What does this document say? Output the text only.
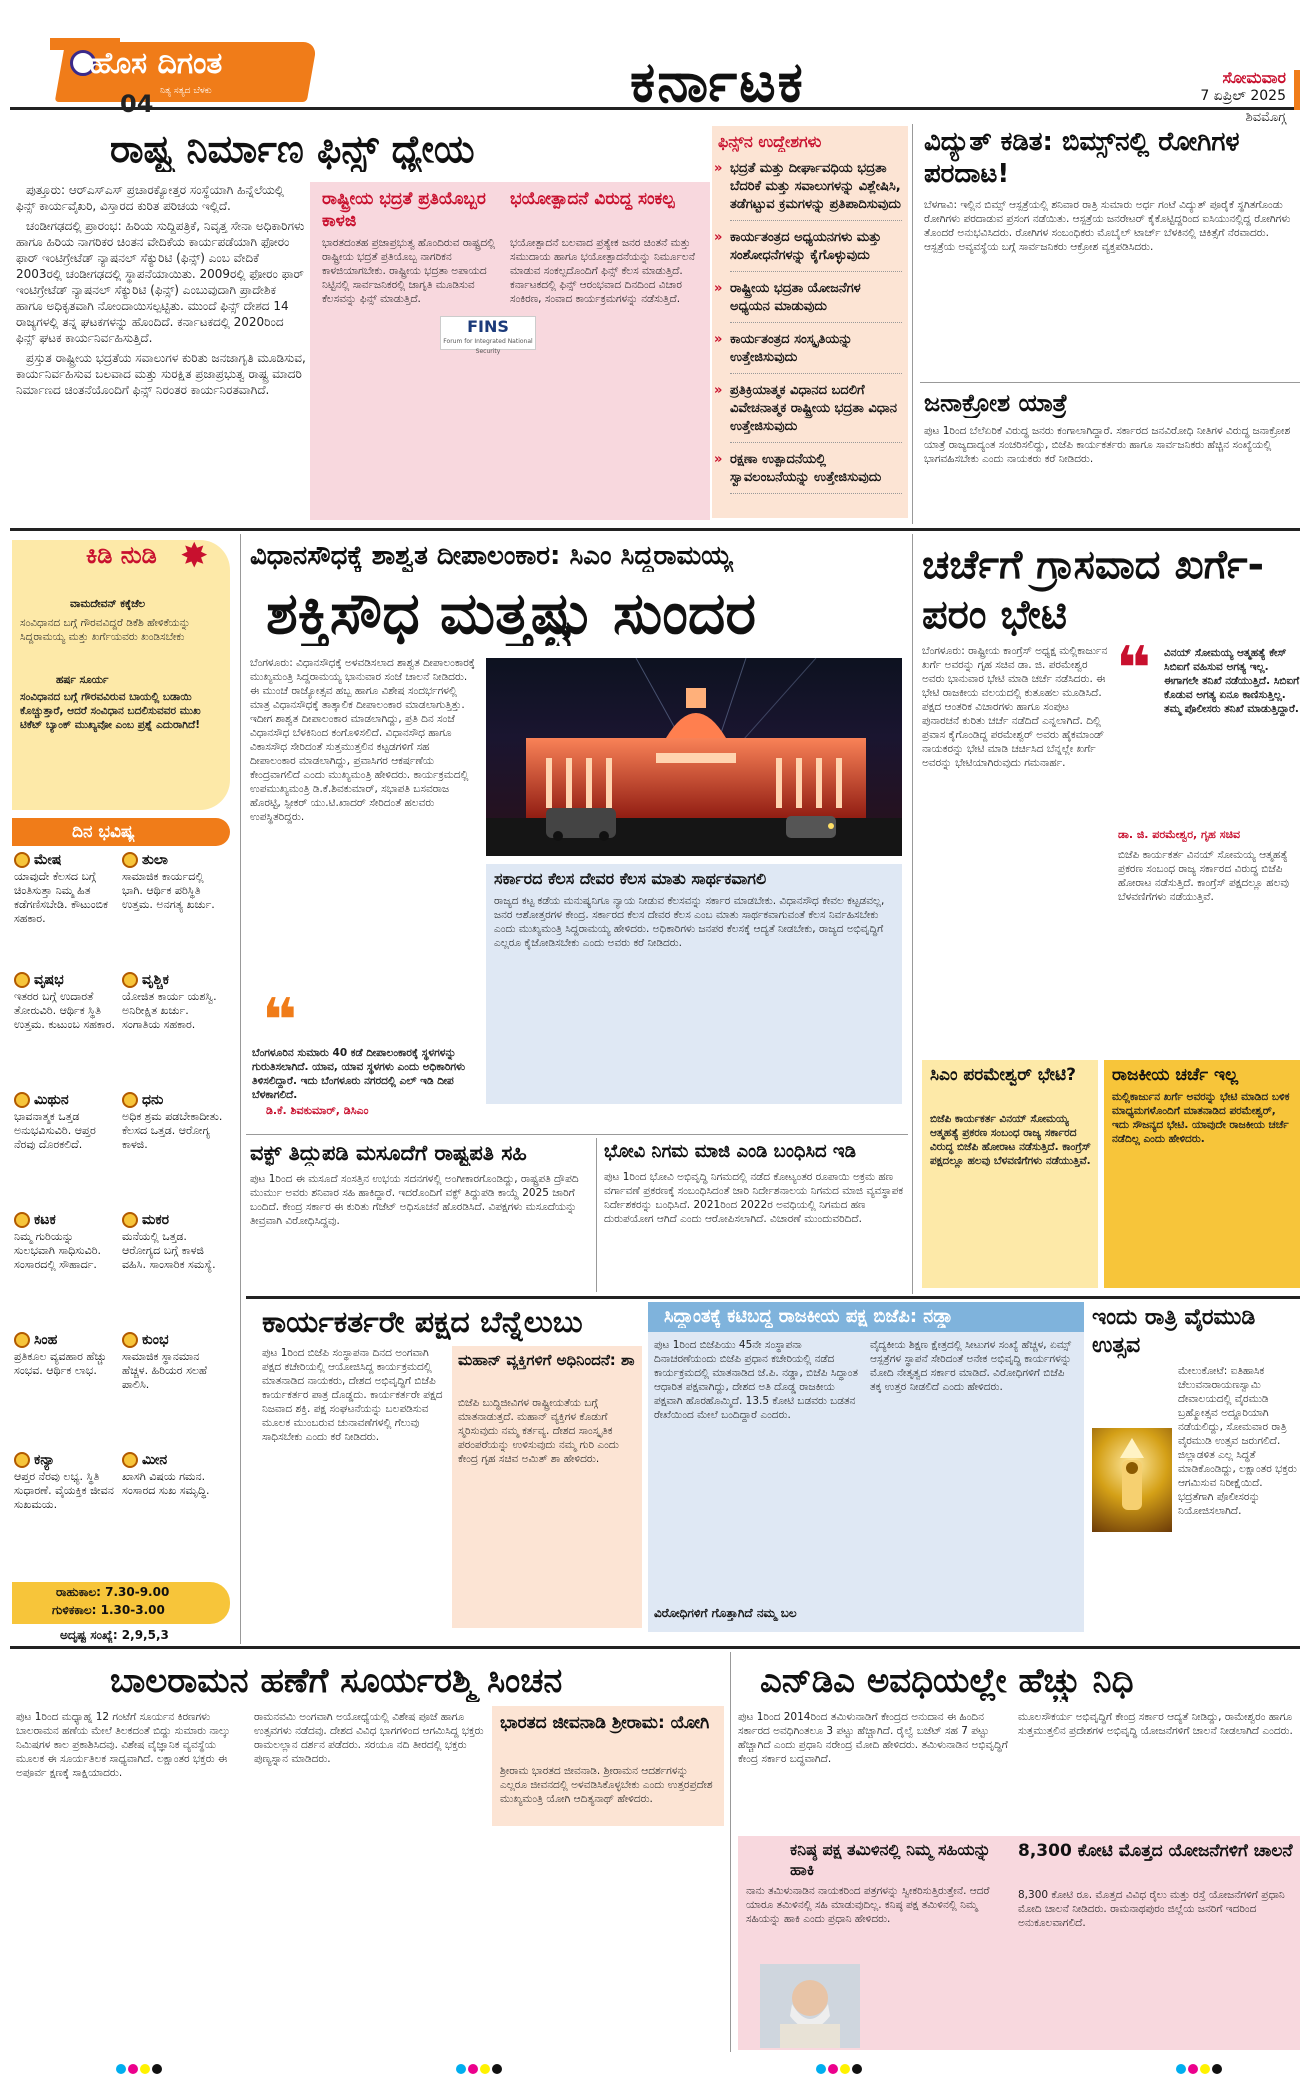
ಹೊಸ ದಿಗಂತ
ನಿತ್ಯ ಸತ್ಯದ ಬೆಳಕು
04	ಕರ್ನಾಟಕ	ಸೋಮವಾರ
7 ಏಪ್ರಿಲ್ 2025
ಶಿವಮೊಗ್ಗ
ರಾಷ್ಟ್ರ ನಿರ್ಮಾಣ ಫಿನ್ಸ್ ಧ್ಯೇಯ

ಪುತ್ತೂರು: ಆರ್‌ಎಸ್‌ಎಸ್ ಪ್ರಚಾರಕ್ಯೋತ್ತರ ಸಂಸ್ಥೆಯಾಗಿ ಹಿನ್ನೆಲೆಯಲ್ಲಿ ಫಿನ್ಸ್ ಕಾರ್ಯವೈಖರಿ, ವಿಸ್ತಾರದ ಕುರಿತ ಪರಿಚಯ ಇಲ್ಲಿದೆ.

ಚಂಡೀಗಢದಲ್ಲಿ ಪ್ರಾರಂಭ: ಹಿರಿಯ ಸುದ್ದಿಪತ್ರಿಕೆ, ನಿವೃತ್ತ ಸೇನಾ ಅಧಿಕಾರಿಗಳು ಹಾಗೂ ಹಿರಿಯ ನಾಗರಿಕರ ಚಿಂತನ ವೇದಿಕೆಯ ಕಾರ್ಯಪಡೆಯಾಗಿ ಫೋರಂ ಫಾರ್ ಇಂಟಿಗ್ರೇಟೆಡ್ ನ್ಯಾಷನಲ್ ಸೆಕ್ಯುರಿಟಿ (ಫಿನ್ಸ್) ಎಂಬ ವೇದಿಕೆ 2003ರಲ್ಲಿ ಚಂಡೀಗಢದಲ್ಲಿ ಸ್ಥಾಪನೆಯಾಯಿತು. 2009ರಲ್ಲಿ ಫೋರಂ ಫಾರ್ ಇಂಟಿಗ್ರೇಟೆಡ್ ನ್ಯಾಷನಲ್ ಸೆಕ್ಯುರಿಟಿ (ಫಿನ್ಸ್) ಎಂಬುವುದಾಗಿ ಪ್ರಾದೇಶಿಕ ಹಾಗೂ ಅಧಿಕೃತವಾಗಿ ನೋಂದಾಯಿಸಲ್ಪಟ್ಟಿತು. ಮುಂದೆ ಫಿನ್ಸ್ ದೇಶದ 14 ರಾಜ್ಯಗಳಲ್ಲಿ ತನ್ನ ಘಟಕಗಳನ್ನು ಹೊಂದಿದೆ. ಕರ್ನಾಟಕದಲ್ಲಿ 2020ರಿಂದ ಫಿನ್ಸ್ ಘಟಕ ಕಾರ್ಯನಿರ್ವಹಿಸುತ್ತಿದೆ.

ಪ್ರಸ್ತುತ ರಾಷ್ಟ್ರೀಯ ಭದ್ರತೆಯ ಸವಾಲುಗಳ ಕುರಿತು ಜನಜಾಗೃತಿ ಮೂಡಿಸುವ, ಕಾರ್ಯನಿರ್ವಹಿಸುವ ಬಲವಾದ ಮತ್ತು ಸುರಕ್ಷಿತ ಪ್ರಜಾಪ್ರಭುತ್ವ ರಾಷ್ಟ್ರ ಮಾದರಿ ನಿರ್ಮಾಣದ ಚಿಂತನೆಯೊಂದಿಗೆ ಫಿನ್ಸ್ ನಿರಂತರ ಕಾರ್ಯನಿರತವಾಗಿದೆ.

ರಾಷ್ಟ್ರೀಯ ಭದ್ರತೆ ಪ್ರತಿಯೊಬ್ಬರ ಕಾಳಜಿ
ಭಾರತದಂತಹ ಪ್ರಜಾಪ್ರಭುತ್ವ ಹೊಂದಿರುವ ರಾಷ್ಟ್ರದಲ್ಲಿ ರಾಷ್ಟ್ರೀಯ ಭದ್ರತೆ ಪ್ರತಿಯೊಬ್ಬ ನಾಗರಿಕನ ಕಾಳಜಿಯಾಗಬೇಕು. ರಾಷ್ಟ್ರೀಯ ಭದ್ರತಾ ಅಪಾಯದ ನಿಟ್ಟಿನಲ್ಲಿ ಸಾರ್ವಜನಿಕರಲ್ಲಿ ಜಾಗೃತಿ ಮೂಡಿಸುವ ಕೆಲಸವನ್ನು ಫಿನ್ಸ್ ಮಾಡುತ್ತಿದೆ.
ಭಯೋತ್ಪಾದನೆ ವಿರುದ್ಧ ಸಂಕಲ್ಪ
ಭಯೋತ್ಪಾದನೆ ಬಲವಾದ ಪ್ರತ್ಯೇಕ ಜನರ ಚಿಂತನೆ ಮತ್ತು ಸಮುದಾಯ ಹಾಗೂ ಭಯೋತ್ಪಾದನೆಯನ್ನು ನಿರ್ಮೂಲನೆ ಮಾಡುವ ಸಂಕಲ್ಪದೊಂದಿಗೆ ಫಿನ್ಸ್ ಕೆಲಸ ಮಾಡುತ್ತಿದೆ. ಕರ್ನಾಟಕದಲ್ಲಿ ಫಿನ್ಸ್ ಆರಂಭವಾದ ದಿನದಿಂದ ವಿಚಾರ ಸಂಕಿರಣ, ಸಂವಾದ ಕಾರ್ಯಕ್ರಮಗಳನ್ನು ನಡೆಸುತ್ತಿದೆ.
FINS
Forum for Integrated National Security
ಫಿನ್ಸ್‌ನ ಉದ್ದೇಶಗಳು
» ಭದ್ರತೆ ಮತ್ತು ದೀರ್ಘಾವಧಿಯ ಭದ್ರತಾ ಬೆದರಿಕೆ ಮತ್ತು ಸವಾಲುಗಳನ್ನು ವಿಶ್ಲೇಷಿಸಿ, ತಡೆಗಟ್ಟುವ ಕ್ರಮಗಳನ್ನು ಪ್ರತಿಪಾದಿಸುವುದು
» ಕಾರ್ಯತಂತ್ರದ ಅಧ್ಯಯನಗಳು ಮತ್ತು ಸಂಶೋಧನೆಗಳನ್ನು ಕೈಗೊಳ್ಳುವುದು
» ರಾಷ್ಟ್ರೀಯ ಭದ್ರತಾ ಯೋಜನೆಗಳ ಅಧ್ಯಯನ ಮಾಡುವುದು
» ಕಾರ್ಯತಂತ್ರದ ಸಂಸ್ಕೃತಿಯನ್ನು ಉತ್ತೇಜಿಸುವುದು
» ಪ್ರತಿಕ್ರಿಯಾತ್ಮಕ ವಿಧಾನದ ಬದಲಿಗೆ ವಿವೇಚನಾತ್ಮಕ ರಾಷ್ಟ್ರೀಯ ಭದ್ರತಾ ವಿಧಾನ ಉತ್ತೇಜಿಸುವುದು
» ರಕ್ಷಣಾ ಉತ್ಪಾದನೆಯಲ್ಲಿ ಸ್ವಾವಲಂಬನೆಯನ್ನು ಉತ್ತೇಜಿಸುವುದು
ವಿದ್ಯುತ್ ಕಡಿತ: ಬಿಮ್ಸ್‌ನಲ್ಲಿ ರೋಗಿಗಳ ಪರದಾಟ!
ಬೆಳಗಾವಿ: ಇಲ್ಲಿನ ಬಿಮ್ಸ್ ಆಸ್ಪತ್ರೆಯಲ್ಲಿ ಶನಿವಾರ ರಾತ್ರಿ ಸುಮಾರು ಅರ್ಧ ಗಂಟೆ ವಿದ್ಯುತ್ ಪೂರೈಕೆ ಸ್ಥಗಿತಗೊಂಡು ರೋಗಿಗಳು ಪರದಾಡುವ ಪ್ರಸಂಗ ನಡೆಯಿತು. ಆಸ್ಪತ್ರೆಯ ಜನರೇಟರ್ ಕೈಕೊಟ್ಟಿದ್ದರಿಂದ ಐಸಿಯುನಲ್ಲಿದ್ದ ರೋಗಿಗಳು ತೊಂದರೆ ಅನುಭವಿಸಿದರು. ರೋಗಿಗಳ ಸಂಬಂಧಿಕರು ಮೊಬೈಲ್ ಟಾರ್ಚ್ ಬೆಳಕಿನಲ್ಲಿ ಚಿಕಿತ್ಸೆಗೆ ನೆರವಾದರು. ಆಸ್ಪತ್ರೆಯ ಅವ್ಯವಸ್ಥೆಯ ಬಗ್ಗೆ ಸಾರ್ವಜನಿಕರು ಆಕ್ರೋಶ ವ್ಯಕ್ತಪಡಿಸಿದರು.
ಜನಾಕ್ರೋಶ ಯಾತ್ರೆ
ಪುಟ 1ರಿಂದ ಬೆಲೆಏರಿಕೆ ವಿರುದ್ಧ ಜನರು ಕಂಗಾಲಾಗಿದ್ದಾರೆ. ಸರ್ಕಾರದ ಜನವಿರೋಧಿ ನೀತಿಗಳ ವಿರುದ್ಧ ಜನಾಕ್ರೋಶ ಯಾತ್ರೆ ರಾಜ್ಯದಾದ್ಯಂತ ಸಂಚರಿಸಲಿದ್ದು, ಬಿಜೆಪಿ ಕಾರ್ಯಕರ್ತರು ಹಾಗೂ ಸಾರ್ವಜನಿಕರು ಹೆಚ್ಚಿನ ಸಂಖ್ಯೆಯಲ್ಲಿ ಭಾಗವಹಿಸಬೇಕು ಎಂದು ನಾಯಕರು ಕರೆ ನೀಡಿದರು.
ಕಿಡಿ ನುಡಿ ✸
ವಾಮದೇವನ್ ಕಕ್ಕೆಜೆಲ
ಸಂವಿಧಾನದ ಬಗ್ಗೆ ಗೌರವವಿದ್ದರೆ ಡಿಕೆಶಿ ಹೇಳಿಕೆಯನ್ನು ಸಿದ್ದರಾಮಯ್ಯ ಮತ್ತು ಖರ್ಗೆಯವರು ಖಂಡಿಸಬೇಕು
ಹರ್ಷ ಸೂರ್ಯ
ಸಂವಿಧಾನದ ಬಗ್ಗೆ ಗೌರವವಿರುವ ಬಾಯಲ್ಲಿ ಬಡಾಯಿ ಕೊಚ್ಚುತ್ತಾರೆ, ಆದರೆ ಸಂವಿಧಾನ ಬದಲಿಸುವವರ ಮುಖ ಟಿಕೆಟ್ ಬ್ಯಾಂಕ್ ಮುಖ್ಯವೋ ಎಂಬ ಪ್ರಶ್ನೆ ಎದುರಾಗಿದೆ!
ದಿನ ಭವಿಷ್ಯ
ಮೇಷ
ಯಾವುದೇ ಕೆಲಸದ ಬಗ್ಗೆ ಚಿಂತಿಸುತ್ತಾ ನಿಮ್ಮ ಹಿತ ಕಡೆಗಣಿಸಬೇಡಿ. ಕೌಟುಂಬಿಕ ಸಹಕಾರ.
ತುಲಾ
ಸಾಮಾಜಿಕ ಕಾರ್ಯದಲ್ಲಿ ಭಾಗಿ. ಆರ್ಥಿಕ ಪರಿಸ್ಥಿತಿ ಉತ್ತಮ. ಅನಗತ್ಯ ಖರ್ಚು.
ವೃಷಭ
ಇತರರ ಬಗ್ಗೆ ಉದಾರತೆ ತೋರುವಿರಿ. ಆರ್ಥಿಕ ಸ್ಥಿತಿ ಉತ್ತಮ. ಕುಟುಂಬ ಸಹಕಾರ.
ವೃಶ್ಚಿಕ
ಯೋಜಿತ ಕಾರ್ಯ ಯಶಸ್ವಿ. ಅನಿರೀಕ್ಷಿತ ಖರ್ಚು. ಸಂಗಾತಿಯ ಸಹಕಾರ.
ಮಿಥುನ
ಭಾವನಾತ್ಮಕ ಒತ್ತಡ ಅನುಭವಿಸುವಿರಿ. ಆಪ್ತರ ನೆರವು ದೊರಕಲಿದೆ.
ಧನು
ಅಧಿಕ ಶ್ರಮ ಪಡಬೇಕಾದೀತು. ಕೆಲಸದ ಒತ್ತಡ. ಆರೋಗ್ಯ ಕಾಳಜಿ.
ಕಟಕ
ನಿಮ್ಮ ಗುರಿಯನ್ನು ಸುಲಭವಾಗಿ ಸಾಧಿಸುವಿರಿ. ಸಂಸಾರದಲ್ಲಿ ಸೌಹಾರ್ದ.
ಮಕರ
ಮನೆಯಲ್ಲಿ ಒತ್ತಡ. ಆರೋಗ್ಯದ ಬಗ್ಗೆ ಕಾಳಜಿ ವಹಿಸಿ. ಸಾಂಸಾರಿಕ ಸಮಸ್ಯೆ.
ಸಿಂಹ
ಪ್ರತಿಕೂಲ ವ್ಯವಹಾರ ಹೆಚ್ಚು ಸಂಭವ. ಆರ್ಥಿಕ ಲಾಭ.
ಕುಂಭ
ಸಾಮಾಜಿಕ ಸ್ಥಾನಮಾನ ಹೆಚ್ಚಳ. ಹಿರಿಯರ ಸಲಹೆ ಪಾಲಿಸಿ.
ಕನ್ಯಾ
ಆಪ್ತರ ನೆರವು ಲಭ್ಯ. ಸ್ಥಿತಿ ಸುಧಾರಣೆ. ವೈಯಕ್ತಿಕ ಜೀವನ ಸುಖಮಯ.
ಮೀನ
ಖಾಸಗಿ ವಿಷಯ ಗಮನ. ಸಂಸಾರದ ಸುಖ ಸಮೃದ್ಧಿ.
ರಾಹುಕಾಲ: 7.30-9.00
ಗುಳಿಕಕಾಲ: 1.30-3.00
ಅದೃಷ್ಟ ಸಂಖ್ಯೆ: 2,9,5,3
ವಿಧಾನಸೌಧಕ್ಕೆ ಶಾಶ್ವತ ದೀಪಾಲಂಕಾರ: ಸಿಎಂ ಸಿದ್ದರಾಮಯ್ಯ
ಶಕ್ತಿಸೌಧ ಮತ್ತಷ್ಟು ಸುಂದರ
ಬೆಂಗಳೂರು: ವಿಧಾನಸೌಧಕ್ಕೆ ಅಳವಡಿಸಲಾದ ಶಾಶ್ವತ ದೀಪಾಲಂಕಾರಕ್ಕೆ ಮುಖ್ಯಮಂತ್ರಿ ಸಿದ್ದರಾಮಯ್ಯ ಭಾನುವಾರ ಸಂಜೆ ಚಾಲನೆ ನೀಡಿದರು. ಈ ಮುಂಚೆ ರಾಜ್ಯೋತ್ಸವ ಹಬ್ಬ ಹಾಗೂ ವಿಶೇಷ ಸಂದರ್ಭಗಳಲ್ಲಿ ಮಾತ್ರ ವಿಧಾನಸೌಧಕ್ಕೆ ತಾತ್ಕಾಲಿಕ ದೀಪಾಲಂಕಾರ ಮಾಡಲಾಗುತ್ತಿತ್ತು. ಇದೀಗ ಶಾಶ್ವತ ದೀಪಾಲಂಕಾರ ಮಾಡಲಾಗಿದ್ದು, ಪ್ರತಿ ದಿನ ಸಂಜೆ ವಿಧಾನಸೌಧ ಬೆಳಕಿನಿಂದ ಕಂಗೊಳಿಸಲಿದೆ. ವಿಧಾನಸೌಧ ಹಾಗೂ ವಿಕಾಸಸೌಧ ಸೇರಿದಂತೆ ಸುತ್ತಮುತ್ತಲಿನ ಕಟ್ಟಡಗಳಿಗೆ ಸಹ ದೀಪಾಲಂಕಾರ ಮಾಡಲಾಗಿದ್ದು, ಪ್ರವಾಸಿಗರ ಆಕರ್ಷಣೆಯ ಕೇಂದ್ರವಾಗಲಿದೆ ಎಂದು ಮುಖ್ಯಮಂತ್ರಿ ಹೇಳಿದರು. ಕಾರ್ಯಕ್ರಮದಲ್ಲಿ ಉಪಮುಖ್ಯಮಂತ್ರಿ ಡಿ.ಕೆ.ಶಿವಕುಮಾರ್, ಸಭಾಪತಿ ಬಸವರಾಜ ಹೊರಟ್ಟಿ, ಸ್ಪೀಕರ್ ಯು.ಟಿ.ಖಾದರ್ ಸೇರಿದಂತೆ ಹಲವರು ಉಪಸ್ಥಿತರಿದ್ದರು.
ಸರ್ಕಾರದ ಕೆಲಸ ದೇವರ ಕೆಲಸ ಮಾತು ಸಾರ್ಥಕವಾಗಲಿ
ರಾಜ್ಯದ ಕಟ್ಟ ಕಡೆಯ ಮನುಷ್ಯನಿಗೂ ನ್ಯಾಯ ನೀಡುವ ಕೆಲಸವನ್ನು ಸರ್ಕಾರ ಮಾಡಬೇಕು. ವಿಧಾನಸೌಧ ಕೇವಲ ಕಟ್ಟಡವಲ್ಲ, ಜನರ ಆಶೋತ್ತರಗಳ ಕೇಂದ್ರ. ಸರ್ಕಾರದ ಕೆಲಸ ದೇವರ ಕೆಲಸ ಎಂಬ ಮಾತು ಸಾರ್ಥಕವಾಗುವಂತೆ ಕೆಲಸ ನಿರ್ವಹಿಸಬೇಕು ಎಂದು ಮುಖ್ಯಮಂತ್ರಿ ಸಿದ್ದರಾಮಯ್ಯ ಹೇಳಿದರು. ಅಧಿಕಾರಿಗಳು ಜನಪರ ಕೆಲಸಕ್ಕೆ ಆದ್ಯತೆ ನೀಡಬೇಕು, ರಾಜ್ಯದ ಅಭಿವೃದ್ಧಿಗೆ ಎಲ್ಲರೂ ಕೈಜೋಡಿಸಬೇಕು ಎಂದು ಅವರು ಕರೆ ನೀಡಿದರು.
❝
ಬೆಂಗಳೂರಿನ ಸುಮಾರು 40 ಕಡೆ ದೀಪಾಲಂಕಾರಕ್ಕೆ ಸ್ಥಳಗಳನ್ನು ಗುರುತಿಸಲಾಗಿದೆ. ಯಾವ, ಯಾವ ಸ್ಥಳಗಳು ಎಂದು ಅಧಿಕಾರಿಗಳು ತಿಳಿಸಲಿದ್ದಾರೆ. ಇದು ಬೆಂಗಳೂರು ನಗರದಲ್ಲಿ ಎಲ್ ಇಡಿ ದೀಪ ಬೆಳಕಾಗಲಿದೆ.
ಡಿ.ಕೆ. ಶಿವಕುಮಾರ್, ಡಿಸಿಎಂ
ಚರ್ಚೆಗೆ ಗ್ರಾಸವಾದ ಖರ್ಗೆ-ಪರಂ ಭೇಟಿ
ಬೆಂಗಳೂರು: ರಾಷ್ಟ್ರೀಯ ಕಾಂಗ್ರೆಸ್ ಅಧ್ಯಕ್ಷ ಮಲ್ಲಿಕಾರ್ಜುನ ಖರ್ಗೆ ಅವರನ್ನು ಗೃಹ ಸಚಿವ ಡಾ. ಜಿ. ಪರಮೇಶ್ವರ ಅವರು ಭಾನುವಾರ ಭೇಟಿ ಮಾಡಿ ಚರ್ಚೆ ನಡೆಸಿದರು. ಈ ಭೇಟಿ ರಾಜಕೀಯ ವಲಯದಲ್ಲಿ ಕುತೂಹಲ ಮೂಡಿಸಿದೆ. ಪಕ್ಷದ ಆಂತರಿಕ ವಿಚಾರಗಳು ಹಾಗೂ ಸಂಪುಟ ಪುನಾರಚನೆ ಕುರಿತು ಚರ್ಚೆ ನಡೆದಿದೆ ಎನ್ನಲಾಗಿದೆ. ದಿಲ್ಲಿ ಪ್ರವಾಸ ಕೈಗೊಂಡಿದ್ದ ಪರಮೇಶ್ವರ್ ಅವರು ಹೈಕಮಾಂಡ್ ನಾಯಕರನ್ನು ಭೇಟಿ ಮಾಡಿ ಚರ್ಚಿಸಿದ ಬೆನ್ನಲ್ಲೇ ಖರ್ಗೆ ಅವರನ್ನು ಭೇಟಿಯಾಗಿರುವುದು ಗಮನಾರ್ಹ.
❝ ವಿನಯ್ ಸೋಮಯ್ಯ ಆತ್ಮಹತ್ಯೆ ಕೇಸ್ ಸಿಬಿಐಗೆ ವಹಿಸುವ ಅಗತ್ಯ ಇಲ್ಲ. ಈಗಾಗಲೇ ತನಿಖೆ ನಡೆಯುತ್ತಿದೆ. ಸಿಬಿಐಗೆ ಕೊಡುವ ಅಗತ್ಯ ಏನೂ ಕಾಣಿಸುತ್ತಿಲ್ಲ. ತಮ್ಮ ಪೊಲೀಸರು ತನಿಖೆ ಮಾಡುತ್ತಿದ್ದಾರೆ.
ಡಾ. ಜಿ. ಪರಮೇಶ್ವರ, ಗೃಹ ಸಚಿವ
ಬಿಜೆಪಿ ಕಾರ್ಯಕರ್ತ ವಿನಯ್ ಸೋಮಯ್ಯ ಆತ್ಮಹತ್ಯೆ ಪ್ರಕರಣ ಸಂಬಂಧ ರಾಜ್ಯ ಸರ್ಕಾರದ ವಿರುದ್ಧ ಬಿಜೆಪಿ ಹೋರಾಟ ನಡೆಸುತ್ತಿದೆ. ಕಾಂಗ್ರೆಸ್ ಪಕ್ಷದಲ್ಲೂ ಹಲವು ಬೆಳವಣಿಗೆಗಳು ನಡೆಯುತ್ತಿವೆ.
ಸಿಎಂ ಪರಮೇಶ್ವರ್ ಭೇಟಿ?
ಬಿಜೆಪಿ ಕಾರ್ಯಕರ್ತ ವಿನಯ್ ಸೋಮಯ್ಯ ಆತ್ಮಹತ್ಯೆ ಪ್ರಕರಣ ಸಂಬಂಧ ರಾಜ್ಯ ಸರ್ಕಾರದ ವಿರುದ್ಧ ಬಿಜೆಪಿ ಹೋರಾಟ ನಡೆಸುತ್ತಿದೆ. ಕಾಂಗ್ರೆಸ್ ಪಕ್ಷದಲ್ಲೂ ಹಲವು ಬೆಳವಣಿಗೆಗಳು ನಡೆಯುತ್ತಿವೆ.
ರಾಜಕೀಯ ಚರ್ಚೆ ಇಲ್ಲ
ಮಲ್ಲಿಕಾರ್ಜುನ ಖರ್ಗೆ ಅವರನ್ನು ಭೇಟಿ ಮಾಡಿದ ಬಳಿಕ ಮಾಧ್ಯಮಗಳೊಂದಿಗೆ ಮಾತನಾಡಿದ ಪರಮೇಶ್ವರ್, ಇದು ಸೌಜನ್ಯದ ಭೇಟಿ. ಯಾವುದೇ ರಾಜಕೀಯ ಚರ್ಚೆ ನಡೆದಿಲ್ಲ ಎಂದು ಹೇಳಿದರು.
ವಕ್ಫ್ ತಿದ್ದುಪಡಿ ಮಸೂದೆಗೆ ರಾಷ್ಟ್ರಪತಿ ಸಹಿ
ಪುಟ 1ರಿಂದ ಈ ಮಸೂದೆ ಸಂಸತ್ತಿನ ಉಭಯ ಸದನಗಳಲ್ಲಿ ಅಂಗೀಕಾರಗೊಂಡಿದ್ದು, ರಾಷ್ಟ್ರಪತಿ ದ್ರೌಪದಿ ಮುರ್ಮು ಅವರು ಶನಿವಾರ ಸಹಿ ಹಾಕಿದ್ದಾರೆ. ಇದರೊಂದಿಗೆ ವಕ್ಫ್ ತಿದ್ದುಪಡಿ ಕಾಯ್ದೆ 2025 ಜಾರಿಗೆ ಬಂದಿದೆ. ಕೇಂದ್ರ ಸರ್ಕಾರ ಈ ಕುರಿತು ಗೆಜೆಟ್ ಅಧಿಸೂಚನೆ ಹೊರಡಿಸಿದೆ. ವಿಪಕ್ಷಗಳು ಮಸೂದೆಯನ್ನು ತೀವ್ರವಾಗಿ ವಿರೋಧಿಸಿದ್ದವು.
ಭೋವಿ ನಿಗಮ ಮಾಜಿ ಎಂಡಿ ಬಂಧಿಸಿದ ಇಡಿ
ಪುಟ 1ರಿಂದ ಭೋವಿ ಅಭಿವೃದ್ಧಿ ನಿಗಮದಲ್ಲಿ ನಡೆದ ಕೋಟ್ಯಂತರ ರೂಪಾಯಿ ಅಕ್ರಮ ಹಣ ವರ್ಗಾವಣೆ ಪ್ರಕರಣಕ್ಕೆ ಸಂಬಂಧಿಸಿದಂತೆ ಜಾರಿ ನಿರ್ದೇಶನಾಲಯ ನಿಗಮದ ಮಾಜಿ ವ್ಯವಸ್ಥಾಪಕ ನಿರ್ದೇಶಕರನ್ನು ಬಂಧಿಸಿದೆ. 2021ರಿಂದ 2022ರ ಅವಧಿಯಲ್ಲಿ ನಿಗಮದ ಹಣ ದುರುಪಯೋಗ ಆಗಿದೆ ಎಂದು ಆರೋಪಿಸಲಾಗಿದೆ. ವಿಚಾರಣೆ ಮುಂದುವರಿದಿದೆ.
ಕಾರ್ಯಕರ್ತರೇ ಪಕ್ಷದ ಬೆನ್ನೆಲುಬು
ಪುಟ 1ರಿಂದ ಬಿಜೆಪಿ ಸಂಸ್ಥಾಪನಾ ದಿನದ ಅಂಗವಾಗಿ ಪಕ್ಷದ ಕಚೇರಿಯಲ್ಲಿ ಆಯೋಜಿಸಿದ್ದ ಕಾರ್ಯಕ್ರಮದಲ್ಲಿ ಮಾತನಾಡಿದ ನಾಯಕರು, ದೇಶದ ಅಭಿವೃದ್ಧಿಗೆ ಬಿಜೆಪಿ ಕಾರ್ಯಕರ್ತರ ಪಾತ್ರ ದೊಡ್ಡದು. ಕಾರ್ಯಕರ್ತರೇ ಪಕ್ಷದ ನಿಜವಾದ ಶಕ್ತಿ. ಪಕ್ಷ ಸಂಘಟನೆಯನ್ನು ಬಲಪಡಿಸುವ ಮೂಲಕ ಮುಂಬರುವ ಚುನಾವಣೆಗಳಲ್ಲಿ ಗೆಲುವು ಸಾಧಿಸಬೇಕು ಎಂದು ಕರೆ ನೀಡಿದರು.
ಮಹಾನ್ ವ್ಯಕ್ತಿಗಳಿಗೆ ಅಧಿನಿಂದನೆ: ಶಾ
ಬಿಜೆಪಿ ಬುದ್ಧಿಜೀವಿಗಳ ರಾಷ್ಟ್ರೀಯತೆಯ ಬಗ್ಗೆ ಮಾತನಾಡುತ್ತದೆ. ಮಹಾನ್ ವ್ಯಕ್ತಿಗಳ ಕೊಡುಗೆ ಸ್ಮರಿಸುವುದು ನಮ್ಮ ಕರ್ತವ್ಯ. ದೇಶದ ಸಾಂಸ್ಕೃತಿಕ ಪರಂಪರೆಯನ್ನು ಉಳಿಸುವುದು ನಮ್ಮ ಗುರಿ ಎಂದು ಕೇಂದ್ರ ಗೃಹ ಸಚಿವ ಅಮಿತ್ ಶಾ ಹೇಳಿದರು.
ಸಿದ್ಧಾಂತಕ್ಕೆ ಕಟಿಬದ್ಧ ರಾಜಕೀಯ ಪಕ್ಷ ಬಿಜೆಪಿ: ನಡ್ಡಾ
ಪುಟ 1ರಿಂದ ಬಿಜೆಪಿಯು 45ನೇ ಸಂಸ್ಥಾಪನಾ ದಿನಾಚರಣೆಯಂದು ಬಿಜೆಪಿ ಪ್ರಧಾನ ಕಚೇರಿಯಲ್ಲಿ ನಡೆದ ಕಾರ್ಯಕ್ರಮದಲ್ಲಿ ಮಾತನಾಡಿದ ಜೆ.ಪಿ. ನಡ್ಡಾ, ಬಿಜೆಪಿ ಸಿದ್ಧಾಂತ ಆಧಾರಿತ ಪಕ್ಷವಾಗಿದ್ದು, ದೇಶದ ಅತಿ ದೊಡ್ಡ ರಾಜಕೀಯ ಪಕ್ಷವಾಗಿ ಹೊರಹೊಮ್ಮಿದೆ. 13.5 ಕೋಟಿ ಬಡವರು ಬಡತನ ರೇಖೆಯಿಂದ ಮೇಲೆ ಬಂದಿದ್ದಾರೆ ಎಂದರು.
ವೈದ್ಯಕೀಯ ಶಿಕ್ಷಣ ಕ್ಷೇತ್ರದಲ್ಲಿ ಸೀಟುಗಳ ಸಂಖ್ಯೆ ಹೆಚ್ಚಳ, ಏಮ್ಸ್ ಆಸ್ಪತ್ರೆಗಳ ಸ್ಥಾಪನೆ ಸೇರಿದಂತೆ ಅನೇಕ ಅಭಿವೃದ್ಧಿ ಕಾರ್ಯಗಳನ್ನು ಮೋದಿ ನೇತೃತ್ವದ ಸರ್ಕಾರ ಮಾಡಿದೆ. ವಿರೋಧಿಗಳಿಗೆ ಬಿಜೆಪಿ ತಕ್ಕ ಉತ್ತರ ನೀಡಲಿದೆ ಎಂದು ಹೇಳಿದರು.
ವಿರೋಧಿಗಳಿಗೆ ಗೊತ್ತಾಗಿದೆ ನಮ್ಮ ಬಲ
ಇಂದು ರಾತ್ರಿ ವೈರಮುಡಿ ಉತ್ಸವ
ಮೇಲುಕೋಟೆ: ಐತಿಹಾಸಿಕ ಚೆಲುವನಾರಾಯಣಸ್ವಾಮಿ ದೇವಾಲಯದಲ್ಲಿ ವೈರಮುಡಿ ಬ್ರಹ್ಮೋತ್ಸವ ಅದ್ದೂರಿಯಾಗಿ ನಡೆಯಲಿದ್ದು, ಸೋಮವಾರ ರಾತ್ರಿ ವೈರಮುಡಿ ಉತ್ಸವ ಜರುಗಲಿದೆ. ಜಿಲ್ಲಾಡಳಿತ ಎಲ್ಲ ಸಿದ್ಧತೆ ಮಾಡಿಕೊಂಡಿದ್ದು, ಲಕ್ಷಾಂತರ ಭಕ್ತರು ಆಗಮಿಸುವ ನಿರೀಕ್ಷೆಯಿದೆ. ಭದ್ರತೆಗಾಗಿ ಪೊಲೀಸರನ್ನು ನಿಯೋಜಿಸಲಾಗಿದೆ.
ಬಾಲರಾಮನ ಹಣೆಗೆ ಸೂರ್ಯರಶ್ಮಿ ಸಿಂಚನ
ಪುಟ 1ರಿಂದ ಮಧ್ಯಾಹ್ನ 12 ಗಂಟೆಗೆ ಸೂರ್ಯನ ಕಿರಣಗಳು ಬಾಲರಾಮನ ಹಣೆಯ ಮೇಲೆ ತಿಲಕದಂತೆ ಬಿದ್ದು ಸುಮಾರು ನಾಲ್ಕು ನಿಮಿಷಗಳ ಕಾಲ ಪ್ರಕಾಶಿಸಿದವು. ವಿಶೇಷ ವೈಜ್ಞಾನಿಕ ವ್ಯವಸ್ಥೆಯ ಮೂಲಕ ಈ ಸೂರ್ಯತಿಲಕ ಸಾಧ್ಯವಾಗಿದೆ. ಲಕ್ಷಾಂತರ ಭಕ್ತರು ಈ ಅಪೂರ್ವ ಕ್ಷಣಕ್ಕೆ ಸಾಕ್ಷಿಯಾದರು.
ರಾಮನವಮಿ ಅಂಗವಾಗಿ ಅಯೋಧ್ಯೆಯಲ್ಲಿ ವಿಶೇಷ ಪೂಜೆ ಹಾಗೂ ಉತ್ಸವಗಳು ನಡೆದವು. ದೇಶದ ವಿವಿಧ ಭಾಗಗಳಿಂದ ಆಗಮಿಸಿದ್ದ ಭಕ್ತರು ರಾಮಲಲ್ಲಾನ ದರ್ಶನ ಪಡೆದರು. ಸರಯೂ ನದಿ ತೀರದಲ್ಲಿ ಭಕ್ತರು ಪುಣ್ಯಸ್ನಾನ ಮಾಡಿದರು.
ಭಾರತದ ಜೀವನಾಡಿ ಶ್ರೀರಾಮ: ಯೋಗಿ
ಶ್ರೀರಾಮ ಭಾರತದ ಜೀವನಾಡಿ. ಶ್ರೀರಾಮನ ಆದರ್ಶಗಳನ್ನು ಎಲ್ಲರೂ ಜೀವನದಲ್ಲಿ ಅಳವಡಿಸಿಕೊಳ್ಳಬೇಕು ಎಂದು ಉತ್ತರಪ್ರದೇಶ ಮುಖ್ಯಮಂತ್ರಿ ಯೋಗಿ ಆದಿತ್ಯನಾಥ್ ಹೇಳಿದರು.
ಎನ್‌ಡಿಎ ಅವಧಿಯಲ್ಲೇ ಹೆಚ್ಚು ನಿಧಿ
ಪುಟ 1ರಿಂದ 2014ರಿಂದ ತಮಿಳುನಾಡಿಗೆ ಕೇಂದ್ರದ ಅನುದಾನ ಈ ಹಿಂದಿನ ಸರ್ಕಾರದ ಅವಧಿಗಿಂತಲೂ 3 ಪಟ್ಟು ಹೆಚ್ಚಾಗಿದೆ. ರೈಲ್ವೆ ಬಜೆಟ್ ಸಹ 7 ಪಟ್ಟು ಹೆಚ್ಚಾಗಿದೆ ಎಂದು ಪ್ರಧಾನಿ ನರೇಂದ್ರ ಮೋದಿ ಹೇಳಿದರು. ತಮಿಳುನಾಡಿನ ಅಭಿವೃದ್ಧಿಗೆ ಕೇಂದ್ರ ಸರ್ಕಾರ ಬದ್ಧವಾಗಿದೆ.
ಮೂಲಸೌಕರ್ಯ ಅಭಿವೃದ್ಧಿಗೆ ಕೇಂದ್ರ ಸರ್ಕಾರ ಆದ್ಯತೆ ನೀಡಿದ್ದು, ರಾಮೇಶ್ವರಂ ಹಾಗೂ ಸುತ್ತಮುತ್ತಲಿನ ಪ್ರದೇಶಗಳ ಅಭಿವೃದ್ಧಿ ಯೋಜನೆಗಳಿಗೆ ಚಾಲನೆ ನೀಡಲಾಗಿದೆ ಎಂದರು.
ಕನಿಷ್ಠ ಪಕ್ಷ ತಮಿಳಿನಲ್ಲಿ ನಿಮ್ಮ ಸಹಿಯನ್ನು ಹಾಕಿ
ನಾನು ತಮಿಳುನಾಡಿನ ನಾಯಕರಿಂದ ಪತ್ರಗಳನ್ನು ಸ್ವೀಕರಿಸುತ್ತಿರುತ್ತೇನೆ. ಆದರೆ ಯಾರೂ ತಮಿಳಿನಲ್ಲಿ ಸಹಿ ಮಾಡುವುದಿಲ್ಲ. ಕನಿಷ್ಠ ಪಕ್ಷ ತಮಿಳಿನಲ್ಲಿ ನಿಮ್ಮ ಸಹಿಯನ್ನು ಹಾಕಿ ಎಂದು ಪ್ರಧಾನಿ ಹೇಳಿದರು.
8,300 ಕೋಟಿ ಮೊತ್ತದ ಯೋಜನೆಗಳಿಗೆ ಚಾಲನೆ
8,300 ಕೋಟಿ ರೂ. ಮೊತ್ತದ ವಿವಿಧ ರೈಲು ಮತ್ತು ರಸ್ತೆ ಯೋಜನೆಗಳಿಗೆ ಪ್ರಧಾನಿ ಮೋದಿ ಚಾಲನೆ ನೀಡಿದರು. ರಾಮನಾಥಪುರಂ ಜಿಲ್ಲೆಯ ಜನರಿಗೆ ಇದರಿಂದ ಅನುಕೂಲವಾಗಲಿದೆ.
